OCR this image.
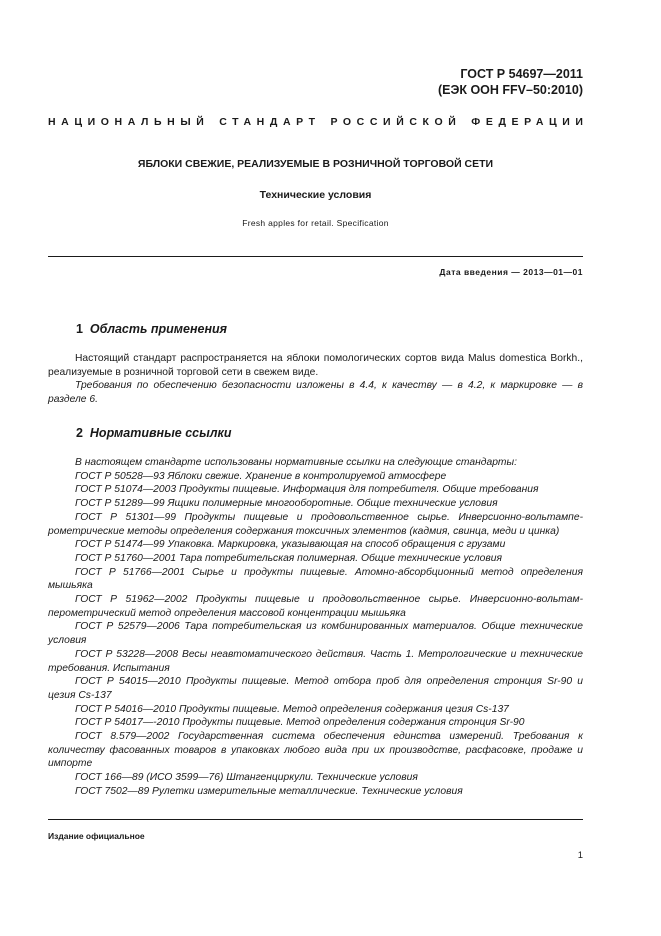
ГОСТ Р 54697—2011
(ЕЭК ООН FFV–50:2010)
НАЦИОНАЛЬНЫЙ СТАНДАРТ РОССИЙСКОЙ ФЕДЕРАЦИИ
ЯБЛОКИ СВЕЖИЕ, РЕАЛИЗУЕМЫЕ В РОЗНИЧНОЙ ТОРГОВОЙ СЕТИ
Технические условия
Fresh apples for retail. Specification
Дата введения — 2013—01—01
1 Область применения

Настоящий стандарт распространяется на яблоки помологических сортов вида Malus domestica Borkh., реализуемые в розничной торговой сети в свежем виде.

Требования по обеспечению безопасности изложены в 4.4, к качеству — в 4.2, к маркировке — в разделе 6.

2 Нормативные ссылки

В настоящем стандарте использованы нормативные ссылки на следующие стандарты:

ГОСТ Р 50528—93 Яблоки свежие. Хранение в контролируемой атмосфере

ГОСТ Р 51074—2003 Продукты пищевые. Информация для потребителя. Общие требования

ГОСТ Р 51289—99 Ящики полимерные многооборотные. Общие технические условия

ГОСТ Р 51301—99 Продукты пищевые и продовольственное сырье. Инверсионно-вольтамперометрические методы определения содержания токсичных элементов (кадмия, свинца, меди и цинка)

ГОСТ Р 51474—99 Упаковка. Маркировка, указывающая на способ обращения с грузами

ГОСТ Р 51760—2001 Тара потребительская полимерная. Общие технические условия

ГОСТ Р 51766—2001 Сырье и продукты пищевые. Атомно-абсорбционный метод определения мышьяка

ГОСТ Р 51962—2002 Продукты пищевые и продовольственное сырье. Инверсионно-вольтамперометрический метод определения массовой концентрации мышьяка

ГОСТ Р 52579—2006 Тара потребительская из комбинированных материалов. Общие технические условия

ГОСТ Р 53228—2008 Весы неавтоматического действия. Часть 1. Метрологические и технические требования. Испытания

ГОСТ Р 54015—2010 Продукты пищевые. Метод отбора проб для определения стронция Sr-90 и цезия Cs-137

ГОСТ Р 54016—2010 Продукты пищевые. Метод определения содержания цезия Cs-137

ГОСТ Р 54017—-2010 Продукты пищевые. Метод определения содержания стронция Sr-90

ГОСТ 8.579—2002 Государственная система обеспечения единства измерений. Требования к количеству фасованных товаров в упаковках любого вида при их производстве, расфасовке, продаже и импорте

ГОСТ 166—89 (ИСО 3599—76) Штангенциркули. Технические условия

ГОСТ 7502—89 Рулетки измерительные металлические. Технические условия

Издание официальное
1
